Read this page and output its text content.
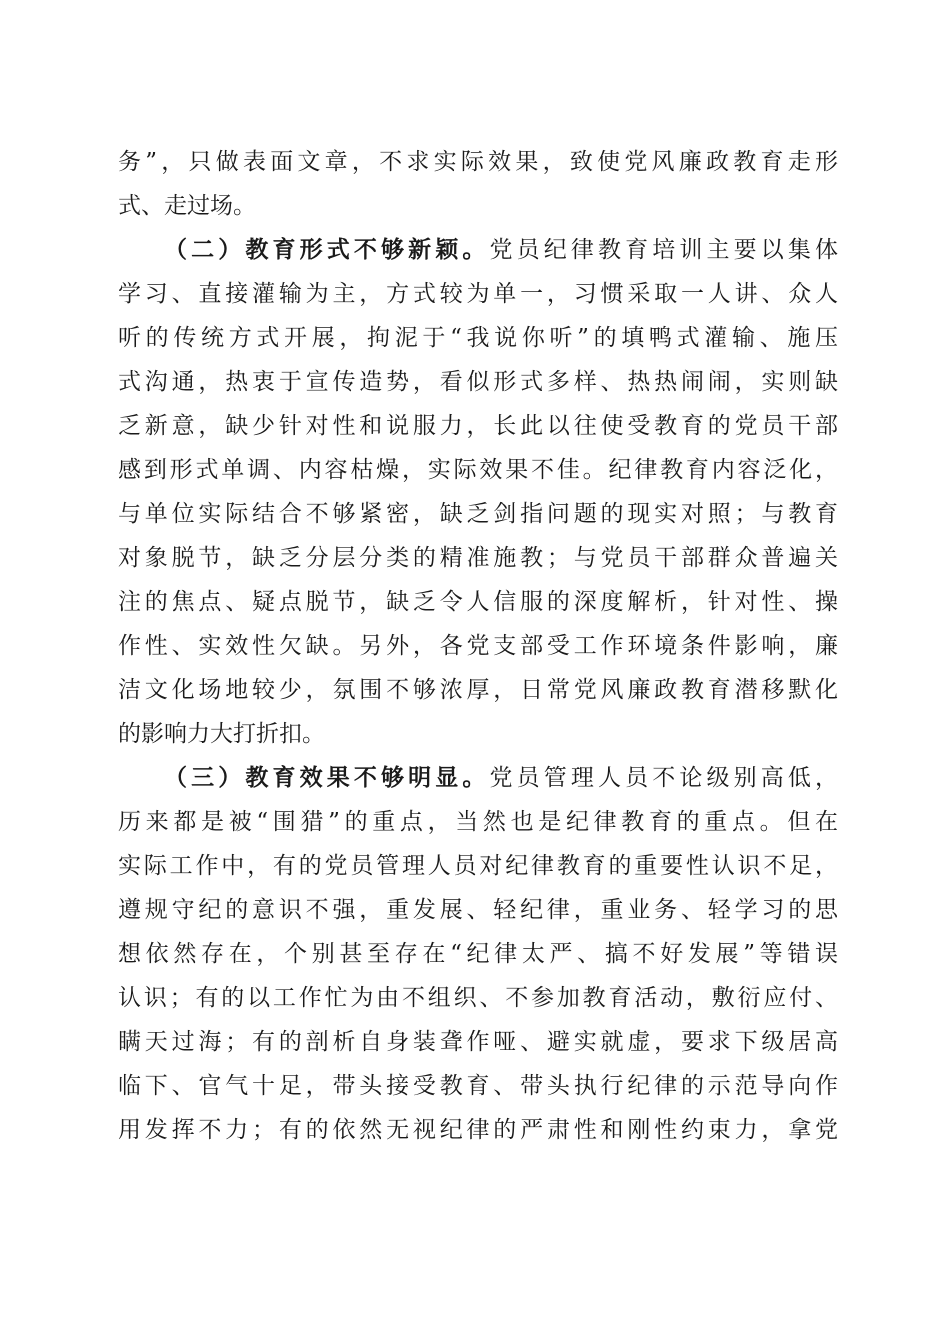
务”，只做表面文章，不求实际效果，致使党风廉政教育走形
式、走过场。
（二）教育形式不够新颖。党员纪律教育培训主要以集体
学习、直接灌输为主，方式较为单一，习惯采取一人讲、众人
听的传统方式开展，拘泥于“我说你听”的填鸭式灌输、施压
式沟通，热衷于宣传造势，看似形式多样、热热闹闹，实则缺
乏新意，缺少针对性和说服力，长此以往使受教育的党员干部
感到形式单调、内容枯燥，实际效果不佳。纪律教育内容泛化，
与单位实际结合不够紧密，缺乏剑指问题的现实对照；与教育
对象脱节，缺乏分层分类的精准施教；与党员干部群众普遍关
注的焦点、疑点脱节，缺乏令人信服的深度解析，针对性、操
作性、实效性欠缺。另外，各党支部受工作环境条件影响，廉
洁文化场地较少，氛围不够浓厚，日常党风廉政教育潜移默化
的影响力大打折扣。
（三）教育效果不够明显。党员管理人员不论级别高低，
历来都是被“围猎”的重点，当然也是纪律教育的重点。但在
实际工作中，有的党员管理人员对纪律教育的重要性认识不足，
遵规守纪的意识不强，重发展、轻纪律，重业务、轻学习的思
想依然存在，个别甚至存在“纪律太严、搞不好发展”等错误
认识；有的以工作忙为由不组织、不参加教育活动，敷衍应付、
瞒天过海；有的剖析自身装聋作哑、避实就虚，要求下级居高
临下、官气十足，带头接受教育、带头执行纪律的示范导向作
用发挥不力；有的依然无视纪律的严肃性和刚性约束力，拿党
